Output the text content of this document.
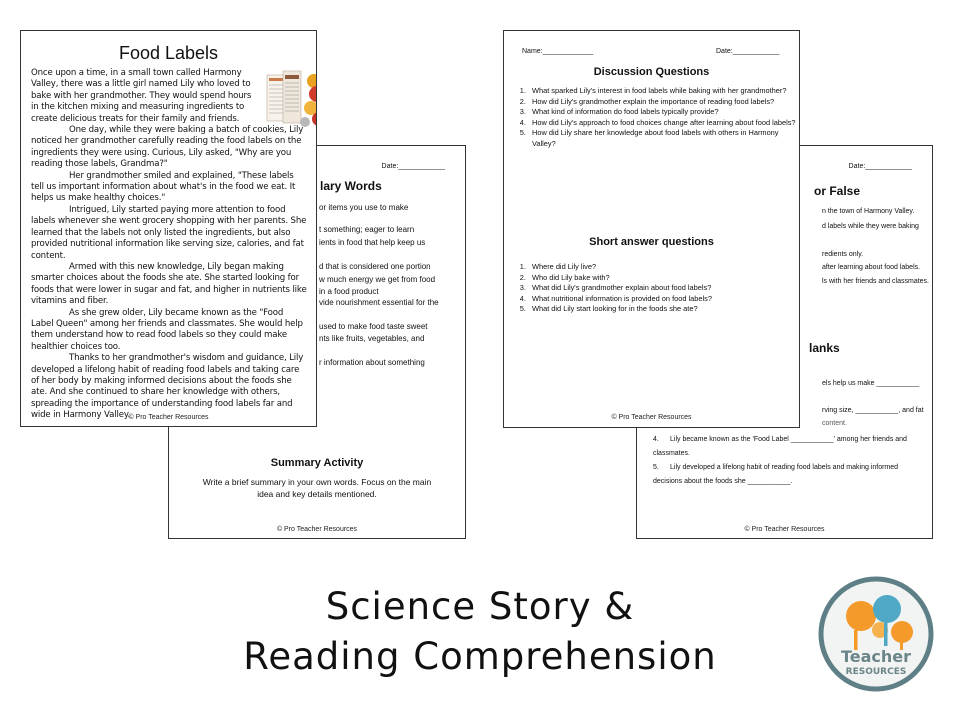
Food Labels

Once upon a time, in a small town called Harmony Valley, there was a little girl named Lily who loved to bake with her grandmother. They would spend hours in the kitchen mixing and measuring ingredients to create delicious treats for their family and friends.

One day, while they were baking a batch of cookies, Lily noticed her grandmother carefully reading the food labels on the ingredients they were using. Curious, Lily asked, "Why are you reading those labels, Grandma?"

Her grandmother smiled and explained, "These labels tell us important information about what's in the food we eat. It helps us make healthy choices."

Intrigued, Lily started paying more attention to food labels whenever she went grocery shopping with her parents. She learned that the labels not only listed the ingredients, but also provided nutritional information like serving size, calories, and fat content.

Armed with this new knowledge, Lily began making smarter choices about the foods she ate. She started looking for foods that were lower in sugar and fat, and higher in nutrients like vitamins and fiber.

As she grew older, Lily became known as the "Food Label Queen" among her friends and classmates. She would help them understand how to read food labels so they could make healthier choices too.

Thanks to her grandmother's wisdom and guidance, Lily developed a lifelong habit of reading food labels and taking care of her body by making informed decisions about the foods she ate. And she continued to share her knowledge with others, spreading the importance of understanding food labels far and wide in Harmony Valley.

© Pro Teacher Resources
Date:____________
lary Words
or items you use to make
t something; eager to learn
ients in food that help keep us
d that is considered one portion
w much energy we get from food
in a food product
vide nourishment essential for the
used to make food taste sweet
nts like fruits, vegetables, and
r information about something
Summary Activity
Write a brief summary in your own words. Focus on the main idea and key details mentioned.
© Pro Teacher Resources
Name:_____________	Date:____________
Discussion Questions
1. What sparked Lily's interest in food labels while baking with her grandmother?
2. How did Lily's grandmother explain the importance of reading food labels?
3. What kind of information do food labels typically provide?
4. How did Lily's approach to food choices change after learning about food labels?
5. How did Lily share her knowledge about food labels with others in Harmony Valley?
Short answer questions
1. Where did Lily live?
2. Who did Lily bake with?
3. What did Lily's grandmother explain about food labels?
4. What nutritional information is provided on food labels?
5. What did Lily start looking for in the foods she ate?
© Pro Teacher Resources
Date:____________
or False
n the town of Harmony Valley.
d labels while they were baking
redients only.
after learning about food labels.
ls with her friends and classmates.
lanks
els help us make ___________
rving size, ___________, and fat
content.
4. Lily became known as the 'Food Label ___________' among her friends and classmates.
5. Lily developed a lifelong habit of reading food labels and making informed decisions about the foods she ___________.
© Pro Teacher Resources
Science Story &
Reading Comprehension	Teacher
RESOURCES
